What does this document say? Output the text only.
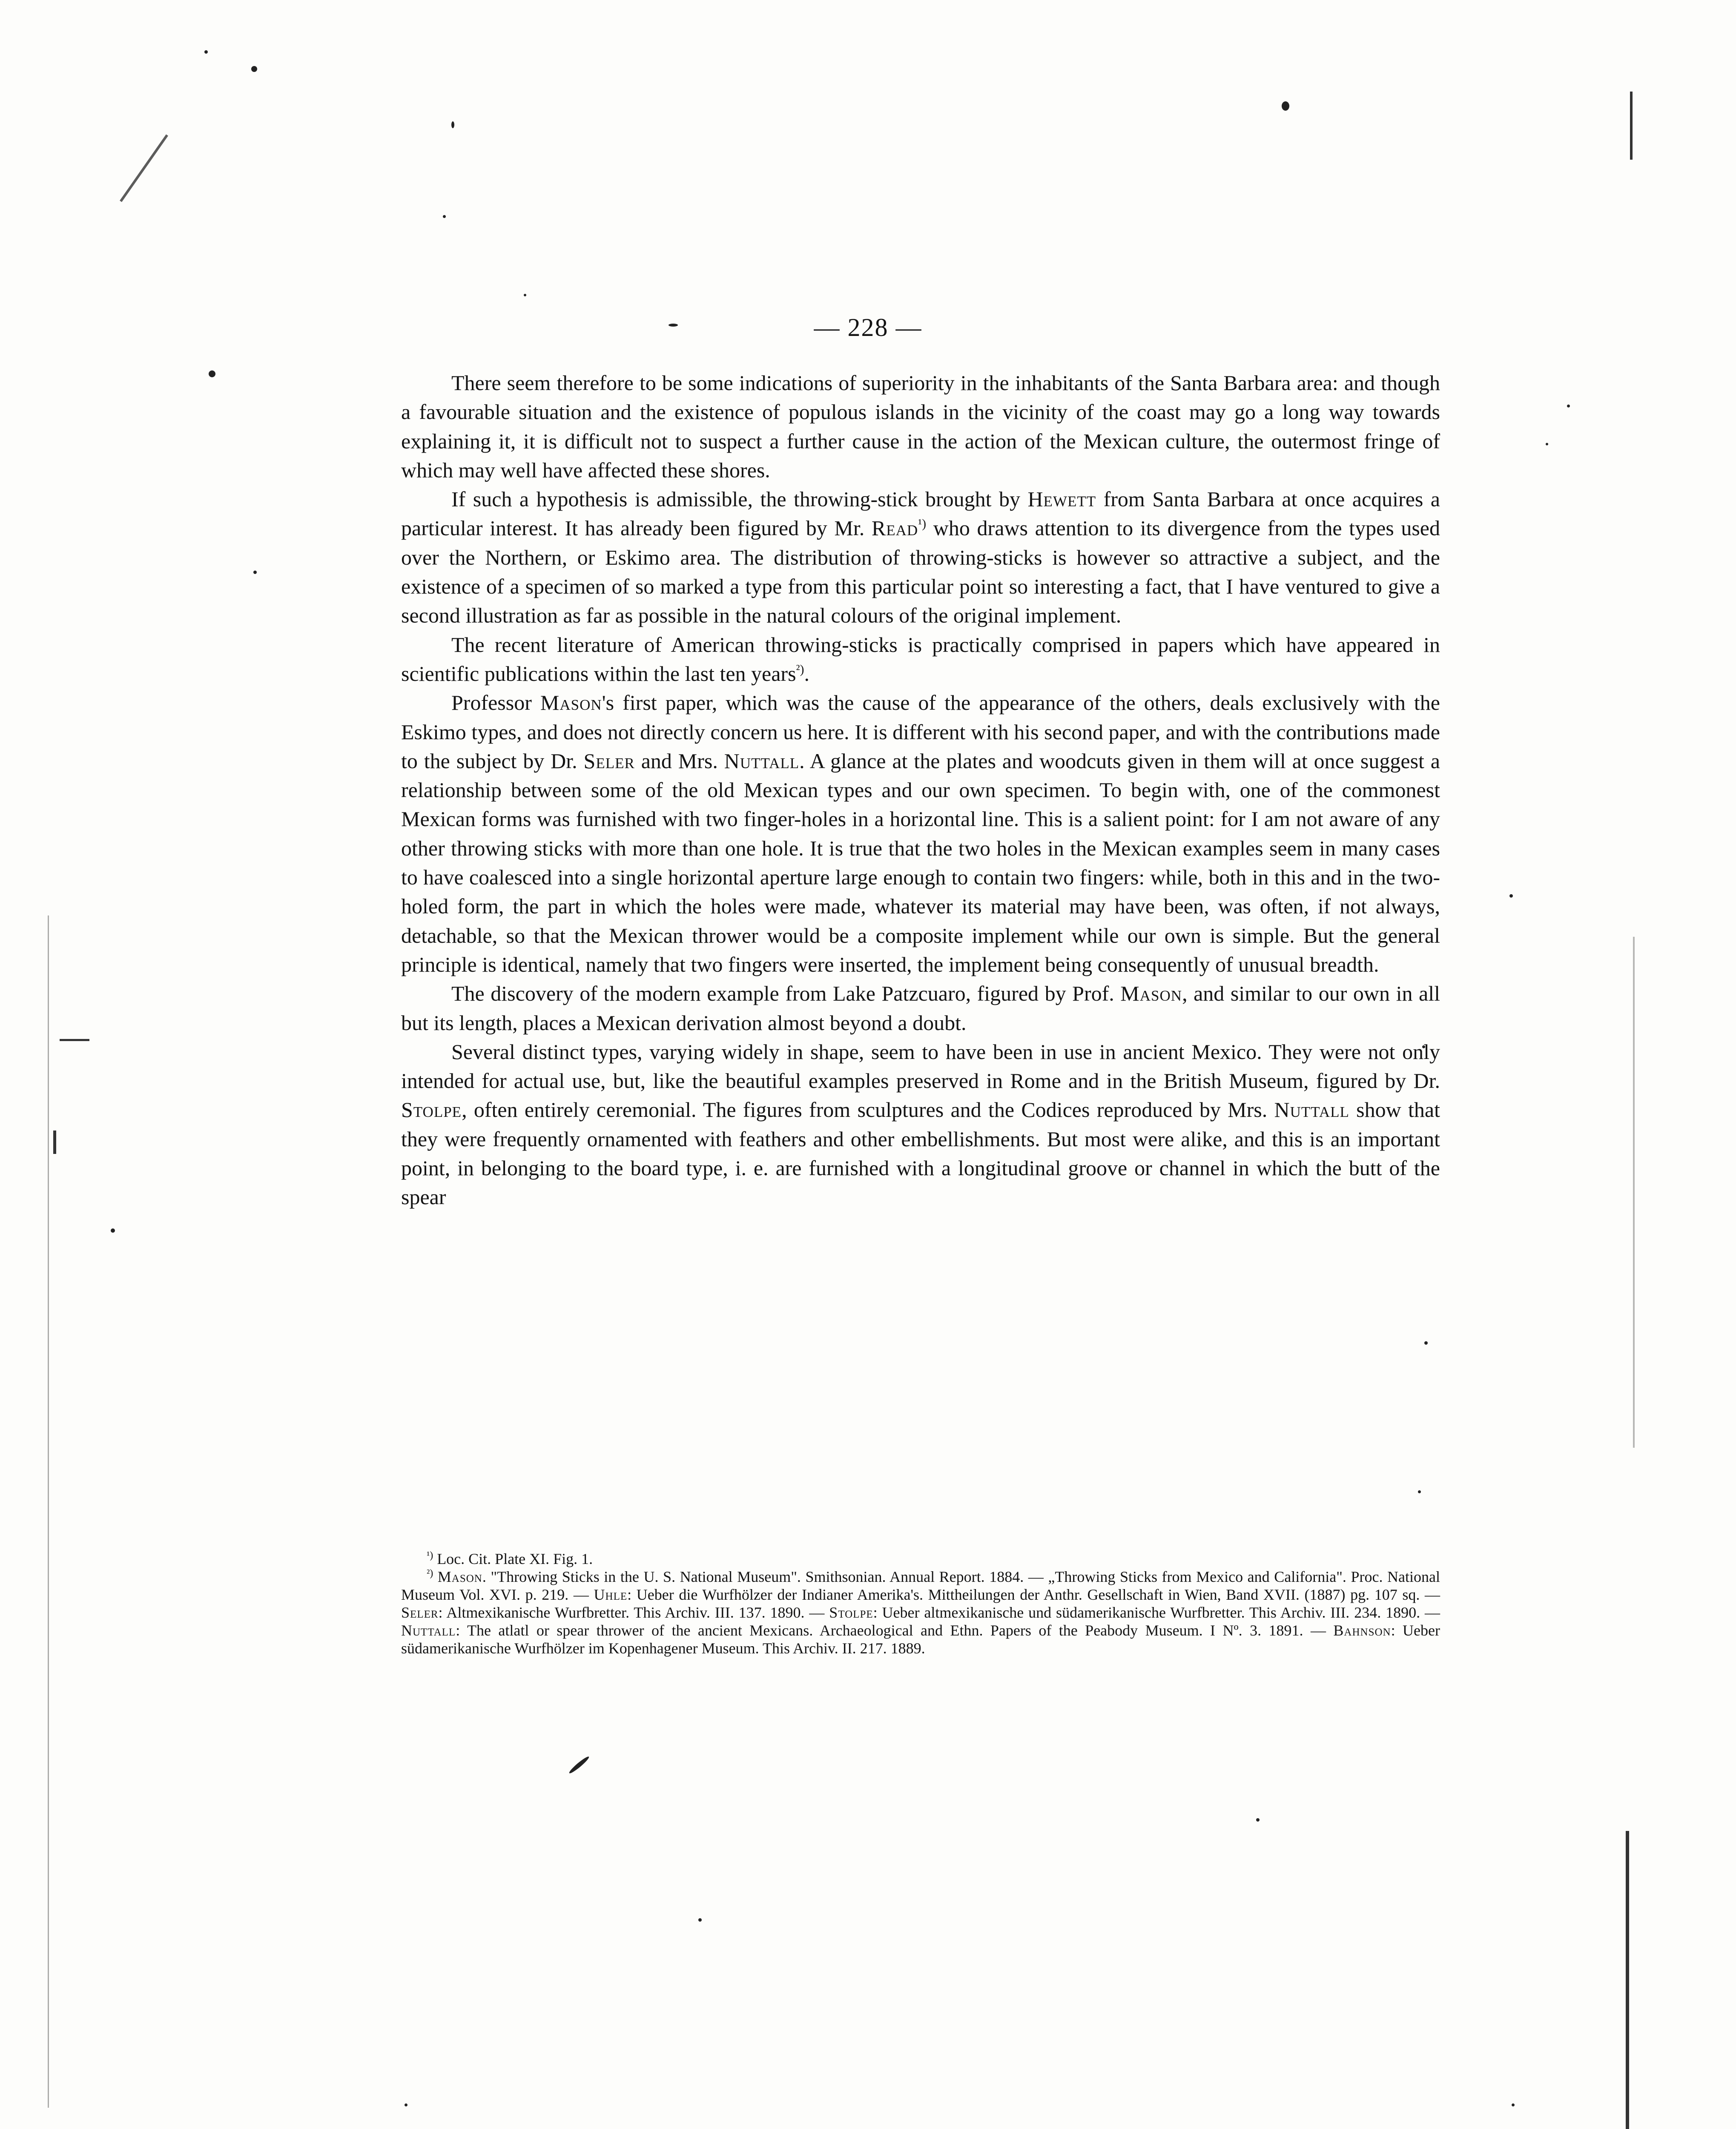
— 228 —

There seem therefore to be some indications of superiority in the inhabitants of the Santa Barbara area: and though a favourable situation and the existence of populous islands in the vicinity of the coast may go a long way towards explaining it, it is difficult not to suspect a further cause in the action of the Mexican culture, the outermost fringe of which may well have affected these shores.

If such a hypothesis is admissible, the throwing-stick brought by Hewett from Santa Barbara at once acquires a particular interest. It has already been figured by Mr. Read$^{^1)}$ who draws attention to its divergence from the types used over the Northern, or Eskimo area. The distribution of throwing-sticks is however so attractive a subject, and the existence of a specimen of so marked a type from this particular point so interesting a fact, that I have ventured to give a second illustration as far as possible in the natural colours of the original implement.

The recent literature of American throwing-sticks is practically comprised in papers which have appeared in scientific publications within the last ten years$^{^2)}$.

Professor Mason's first paper, which was the cause of the appearance of the others, deals exclusively with the Eskimo types, and does not directly concern us here. It is different with his second paper, and with the contributions made to the subject by Dr. Seler and Mrs. Nuttall. A glance at the plates and woodcuts given in them will at once suggest a relationship between some of the old Mexican types and our own specimen. To begin with, one of the commonest Mexican forms was furnished with two finger-holes in a horizontal line. This is a salient point: for I am not aware of any other throwing sticks with more than one hole. It is true that the two holes in the Mexican examples seem in many cases to have coalesced into a single horizontal aperture large enough to contain two fingers: while, both in this and in the two-holed form, the part in which the holes were made, whatever its material may have been, was often, if not always, detachable, so that the Mexican thrower would be a composite implement while our own is simple. But the general principle is identical, namely that two fingers were inserted, the implement being consequently of unusual breadth.

The discovery of the modern example from Lake Patzcuaro, figured by Prof. Mason, and similar to our own in all but its length, places a Mexican derivation almost beyond a doubt.

Several distinct types, varying widely in shape, seem to have been in use in ancient Mexico. They were not only intended for actual use, but, like the beautiful examples preserved in Rome and in the British Museum, figured by Dr. Stolpe, often entirely ceremonial. The figures from sculptures and the Codices reproduced by Mrs. Nuttall show that they were frequently ornamented with feathers and other embellishments. But most were alike, and this is an important point, in belonging to the board type, i. e. are furnished with a longitudinal groove or channel in which the butt of the spear

$^{^1)}$ Loc. Cit. Plate XI. Fig. 1.

$^{^2)}$ Mason. "Throwing Sticks in the U. S. National Museum". Smithsonian. Annual Report. 1884. — „Throwing Sticks from Mexico and California". Proc. National Museum Vol. XVI. p. 219. — Uhle: Ueber die Wurfhölzer der Indianer Amerika's. Mittheilungen der Anthr. Gesellschaft in Wien, Band XVII. (1887) pg. 107 sq. — Seler: Altmexikanische Wurfbretter. This Archiv. III. 137. 1890. — Stolpe: Ueber altmexikanische und südamerikanische Wurfbretter. This Archiv. III. 234. 1890. — Nuttall: The atlatl or spear thrower of the ancient Mexicans. Archaeological and Ethn. Papers of the Peabody Museum. I Nº. 3. 1891. — Bahnson: Ueber südamerikanische Wurfhölzer im Kopenhagener Museum. This Archiv. II. 217. 1889.
